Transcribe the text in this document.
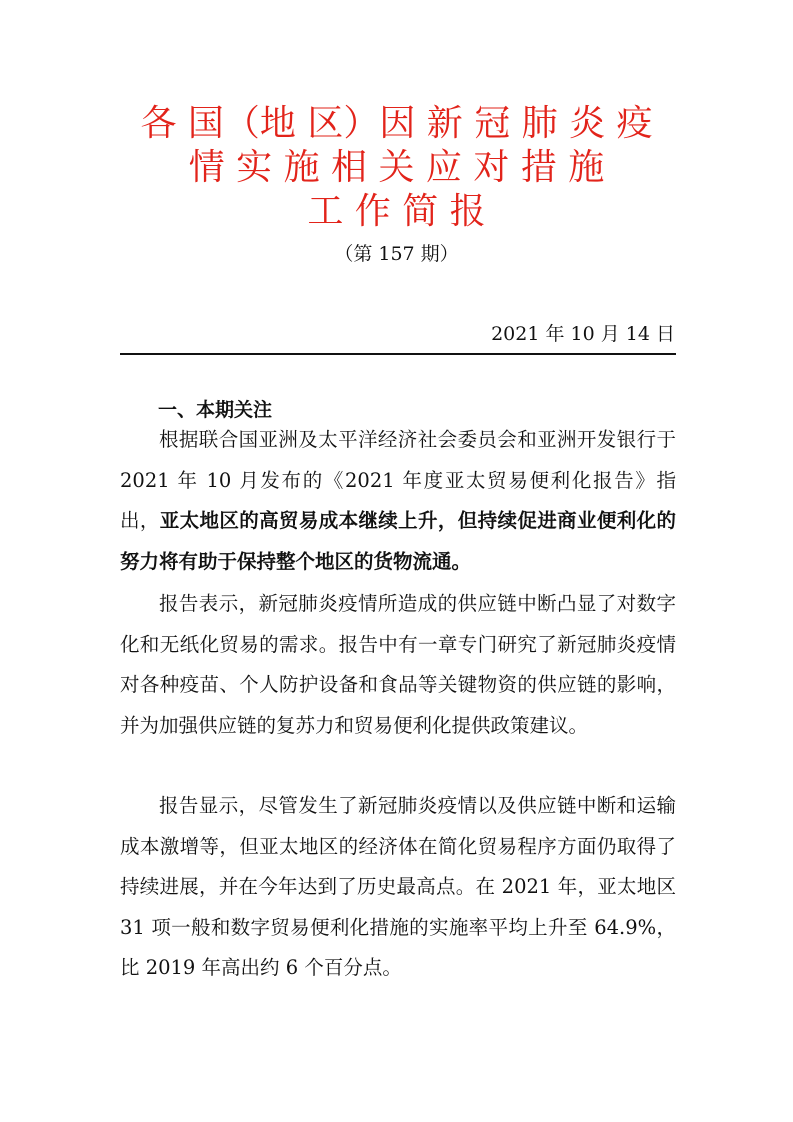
各 国（地 区）因 新 冠 肺 炎 疫
情 实 施 相 关 应 对 措 施
工 作 简 报
（第 157 期）
2021 年 10 月 14 日
一、本期关注

根据联合国亚洲及太平洋经济社会委员会和亚洲开发银行于 2021 年 10 月发布的《2021 年度亚太贸易便利化报告》指出，亚太地区的高贸易成本继续上升，但持续促进商业便利化的努力将有助于保持整个地区的货物流通。

报告表示，新冠肺炎疫情所造成的供应链中断凸显了对数字化和无纸化贸易的需求。报告中有一章专门研究了新冠肺炎疫情对各种疫苗、个人防护设备和食品等关键物资的供应链的影响，并为加强供应链的复苏力和贸易便利化提供政策建议。

报告显示，尽管发生了新冠肺炎疫情以及供应链中断和运输成本激增等，但亚太地区的经济体在简化贸易程序方面仍取得了持续进展，并在今年达到了历史最高点。在 2021 年，亚太地区 31 项一般和数字贸易便利化措施的实施率平均上升至 64.9%，比 2019 年高出约 6 个百分点。
